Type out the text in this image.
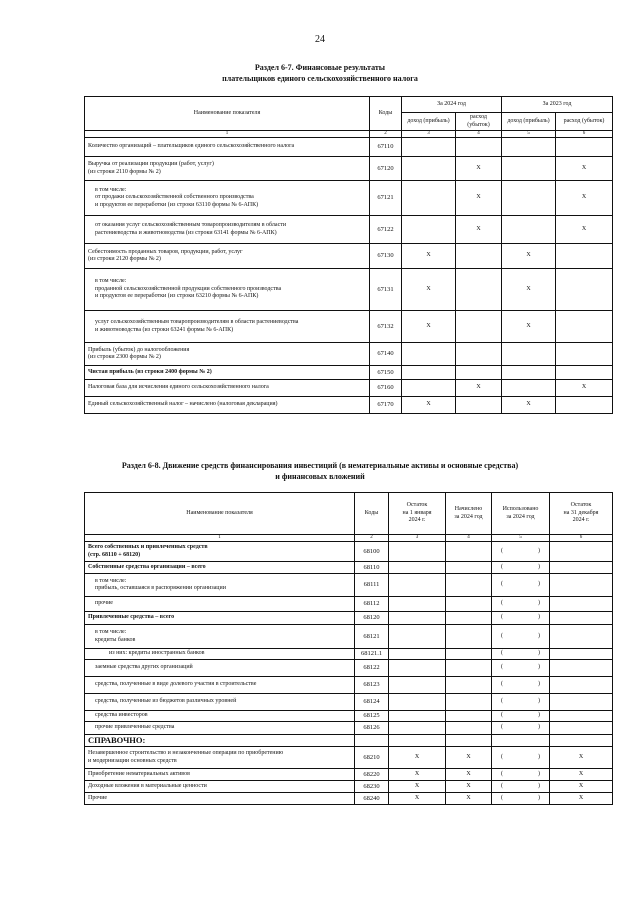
24
Раздел 6-7. Финансовые результаты
плательщиков единого сельскохозяйственного налога
Наименование показателя	Коды	За 2024 год		За 2023 год	
		доход (прибыль)	расход (убыток)	доход (прибыль)	расход (убыток)
1	2	3	4	5	6
Количество организаций – плательщиков единого сельскохозяйственного налога	67110				
Выручка от реализации продукции (работ, услуг)
(из строки 2110 формы № 2)	67120		X		X
в том числе:
от продажи сельскохозяйственной собственного производства
и продуктов ее переработки (из строки 63110 формы № 6-АПК)	67121		X		X
от оказания услуг сельскохозяйственным товаропроизводителям в области
растениеводства и животноводства (из строки 63141 формы № 6-АПК)	67122		X		X
Себестоимость проданных товаров, продукции, работ, услуг
(из строки 2120 формы № 2)	67130	X		X	
в том числе:
проданной сельскохозяйственной продукции собственного производства
и продуктов ее переработки (из строки 63210 формы № 6-АПК)	67131	X		X	
услуг сельскохозяйственным товаропроизводителям в области растениеводства
и животноводства (из строки 63241 формы № 6-АПК)	67132	X		X	
Прибыль (убыток) до налогообложения
(из строки 2300 формы № 2)	67140				
Чистая прибыль (из строки 2400 формы № 2)	67150				
Налоговая база для исчисления единого сельскохозяйственного налога	67160		X		X
Единый сельскохозяйственный налог – начислено (налоговая декларация)	67170	X		X	
Раздел 6-8. Движение средств финансирования инвестиций (в нематериальные активы и основные средства)
и финансовых вложений
Наименование показателя	Коды	Остаток
на 1 января
2024 г.	Начислено
за 2024 год	Использовано
за 2024 год	Остаток
на 31 декабря
2024 г.
1	2	3	4	5	6
Всего собственных и привлеченных средств
(стр. 68110 + 68120)	68100			( )	

Собственные средства организации – всего	68110			( )	

в том числе:
прибыль, оставшаяся в распоряжении организации	68111			( )	

прочие	68112			( )	

Привлеченные средства – всего	68120			( )	

в том числе:
кредиты банков	68121			( )	

из них: кредиты иностранных банков	68121.1			( )	

заемные средства других организаций	68122			( )	

средства, полученные в виде долевого участия в строительстве	68123			( )	

средства, полученные из бюджетов различных уровней	68124			( )	

средства инвесторов	68125			( )	

прочие привлеченные средства	68126			( )	

СПРАВОЧНО:					
Незавершенное строительство и незаконченные операции по приобретению
и модернизации основных средств	68210	X	X	( )	X
Приобретение нематериальных активов	68220	X	X	( )	X
Доходные вложения в материальные ценности	68230	X	X	( )	X
Прочие	68240	X	X	( )	X
